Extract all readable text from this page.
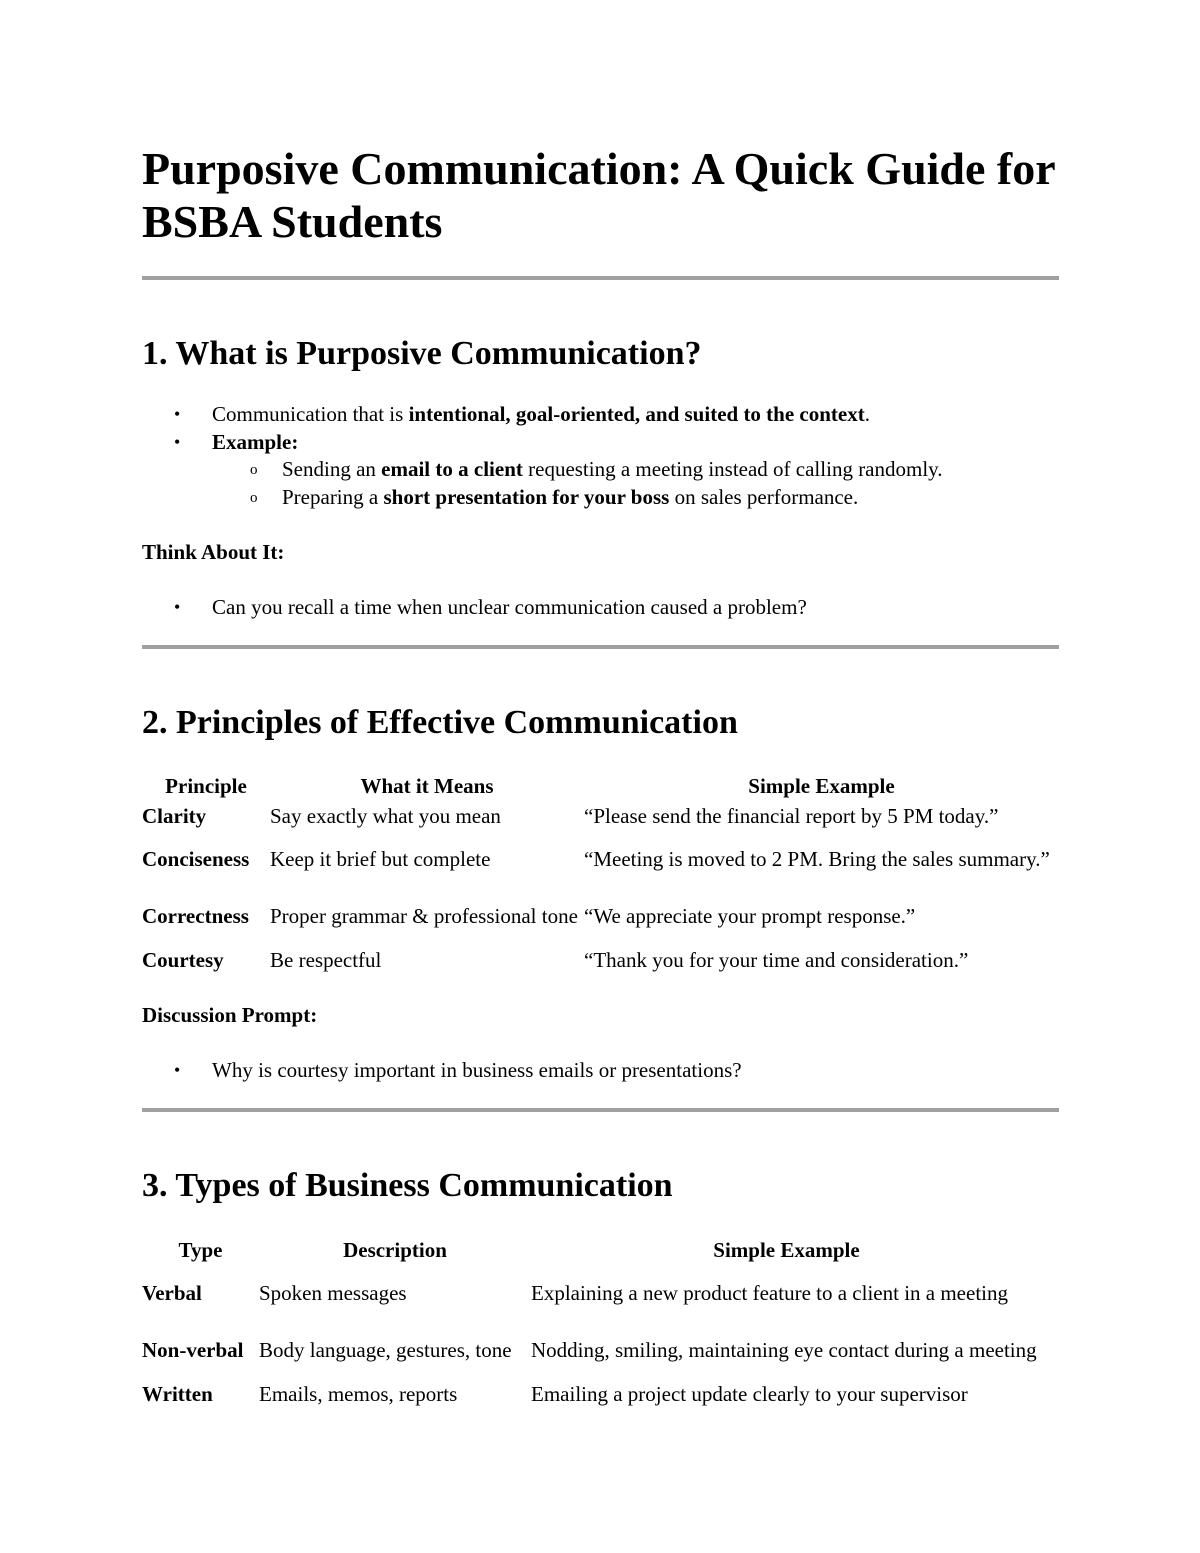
Purposive Communication: A Quick Guide for BSBA Students
1. What is Purposive Communication?
• Communication that is intentional, goal-oriented, and suited to the context.
• Example:
o Sending an email to a client requesting a meeting instead of calling randomly.
o Preparing a short presentation for your boss on sales performance.
Think About It:
• Can you recall a time when unclear communication caused a problem?
2. Principles of Effective Communication
Principle	What it Means	Simple Example
Clarity	Say exactly what you mean	“Please send the financial report by 5 PM today.”
Conciseness	Keep it brief but complete	“Meeting is moved to 2 PM. Bring the sales summary.”
Correctness	Proper grammar & professional tone	“We appreciate your prompt response.”
Courtesy	Be respectful	“Thank you for your time and consideration.”
Discussion Prompt:
• Why is courtesy important in business emails or presentations?
3. Types of Business Communication
Type	Description	Simple Example
Verbal	Spoken messages	Explaining a new product feature to a client in a meeting
Non-verbal	Body language, gestures, tone	Nodding, smiling, maintaining eye contact during a meeting
Written	Emails, memos, reports	Emailing a project update clearly to your supervisor
